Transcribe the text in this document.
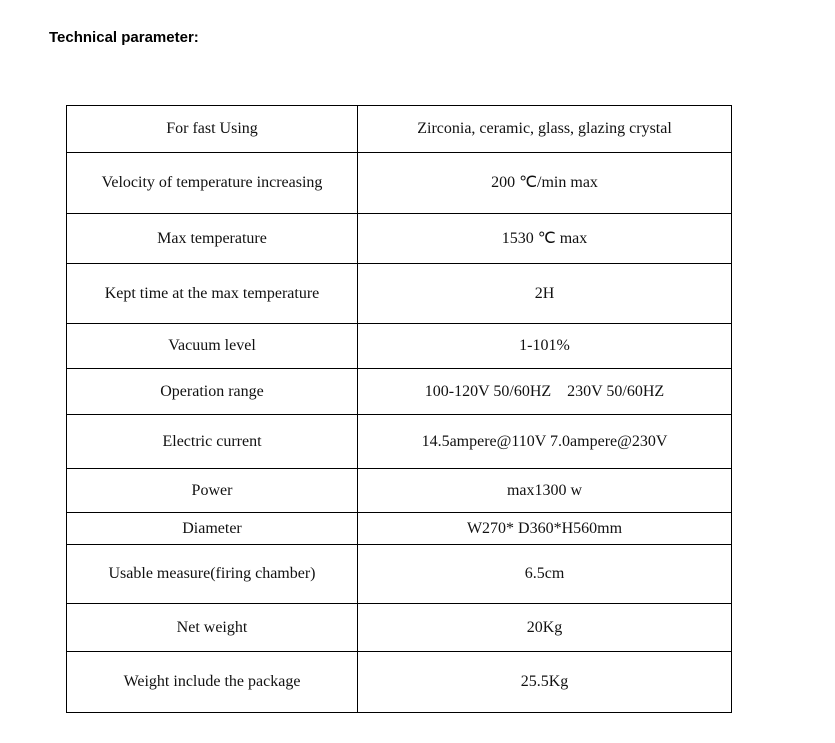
Technical parameter:
For fast Using	Zirconia, ceramic, glass, glazing crystal
Velocity of temperature increasing	200 ℃/min max
Max temperature	1530 ℃ max
Kept time at the max temperature	2H
Vacuum level	1-101%
Operation range	100-120V 50/60HZ    230V 50/60HZ
Electric current	14.5ampere@110V 7.0ampere@230V
Power	max1300 w
Diameter	W270* D360*H560mm
Usable measure(firing chamber)	6.5cm
Net weight	20Kg
Weight include the package	25.5Kg
